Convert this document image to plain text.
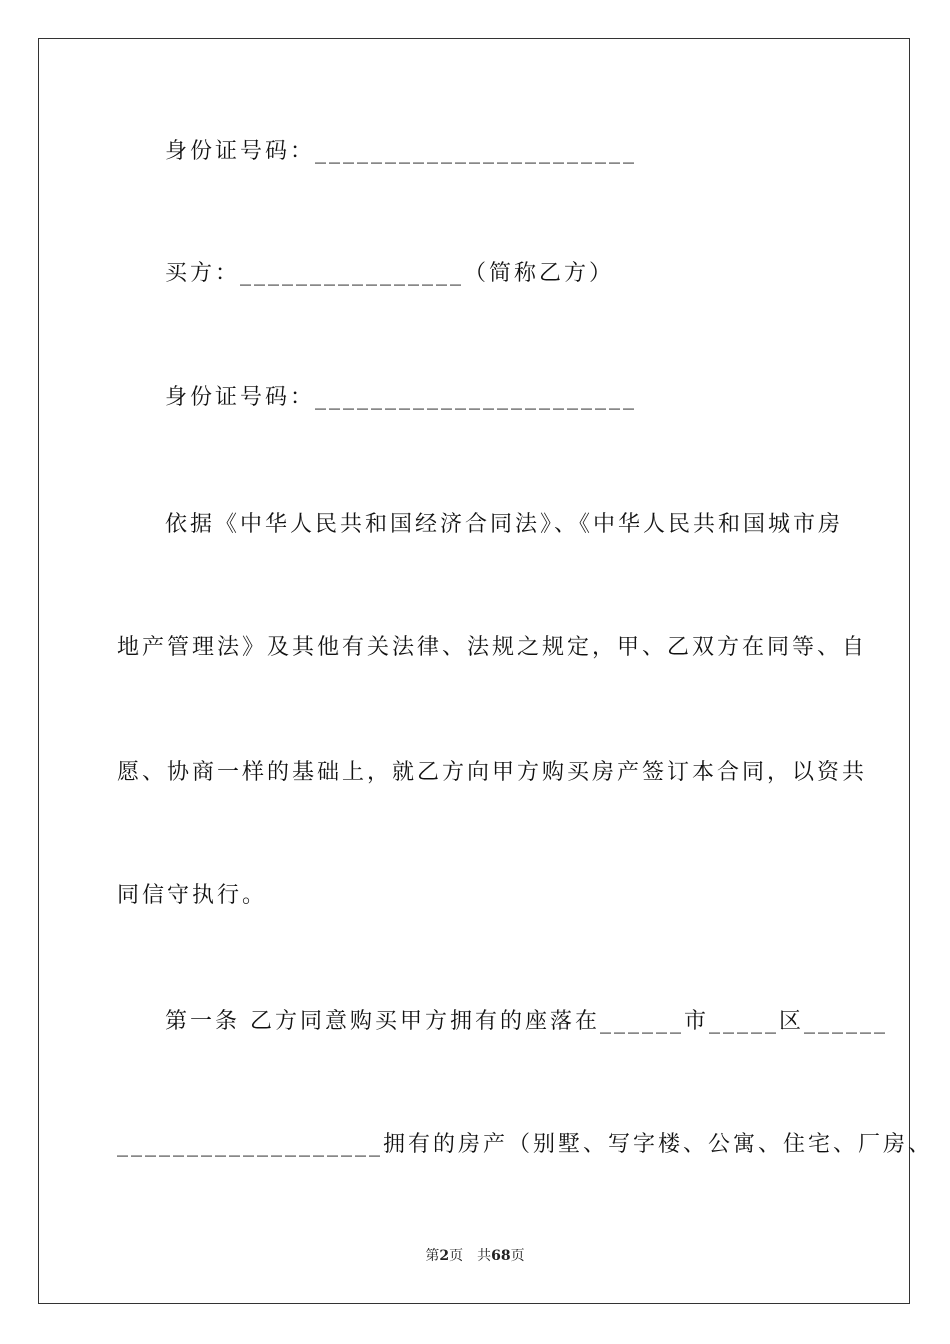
身份证号码：_______________________
买方：________________（简称乙方）
身份证号码：_______________________
依据《中华人民共和国经济合同法》、《中华人民共和国城市房
地产管理法》及其他有关法律、法规之规定，甲、乙双方在同等、自
愿、协商一样的基础上，就乙方向甲方购买房产签订本合同，以资共
同信守执行。
第一条 乙方同意购买甲方拥有的座落在______市_____区______
___________________拥有的房产（别墅、写字楼、公寓、住宅、厂房、
第2页　共68页
